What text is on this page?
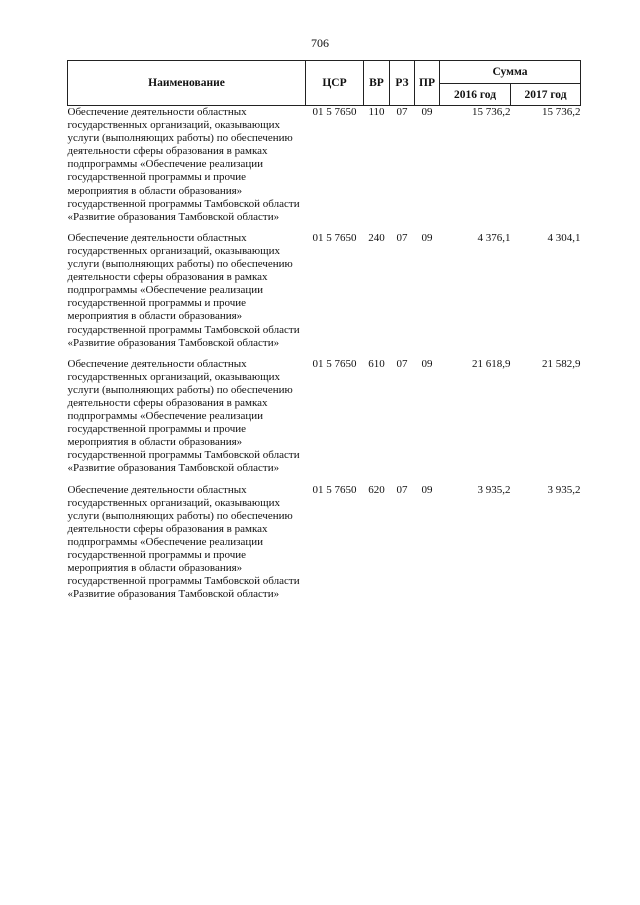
706
Наименование	ЦСР	ВР	РЗ	ПР	Сумма	
					2016 год	2017 год
Обеспечение деятельности областных государственных организаций, оказывающих услуги (выполняющих работы) по обеспечению деятельности сферы образования в рамках подпрограммы «Обеспечение реализации государственной программы и прочие мероприятия в области образования» государственной программы Тамбовской области «Развитие образования Тамбовской области»	01 5 7650	110	07	09	15 736,2	15 736,2
Обеспечение деятельности областных государственных организаций, оказывающих услуги (выполняющих работы) по обеспечению деятельности сферы образования в рамках подпрограммы «Обеспечение реализации государственной программы и прочие мероприятия в области образования» государственной программы Тамбовской области «Развитие образования Тамбовской области»	01 5 7650	240	07	09	4 376,1	4 304,1
Обеспечение деятельности областных государственных организаций, оказывающих услуги (выполняющих работы) по обеспечению деятельности сферы образования в рамках подпрограммы «Обеспечение реализации государственной программы и прочие мероприятия в области образования» государственной программы Тамбовской области «Развитие образования Тамбовской области»	01 5 7650	610	07	09	21 618,9	21 582,9
Обеспечение деятельности областных государственных организаций, оказывающих услуги (выполняющих работы) по обеспечению деятельности сферы образования в рамках подпрограммы «Обеспечение реализации государственной программы и прочие мероприятия в области образования» государственной программы Тамбовской области «Развитие образования Тамбовской области»	01 5 7650	620	07	09	3 935,2	3 935,2
